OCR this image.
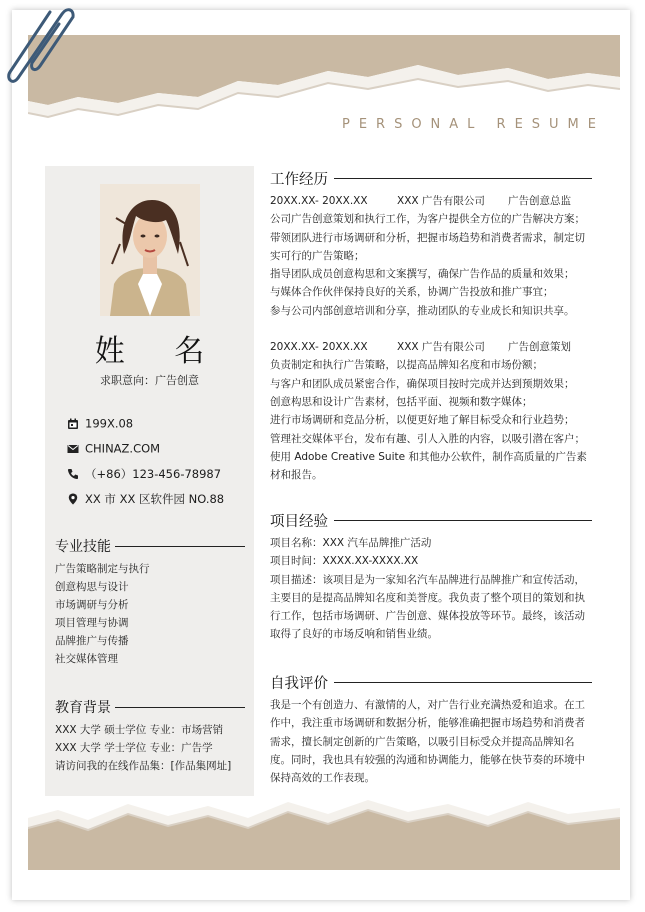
PERSONAL RESUME
姓 名
求职意向：广告创意
199X.08
CHINAZ.COM
（+86）123-456-78987
XX 市 XX 区软件园 NO.88
专业技能
广告策略制定与执行
创意构思与设计
市场调研与分析
项目管理与协调
品牌推广与传播
社交媒体管理
教育背景
XXX 大学 硕士学位 专业：市场营销
XXX 大学 学士学位 专业：广告学
请访问我的在线作品集：[作品集网址]
工作经历
20XX.XX- 20XX.XX	XXX 广告有限公司	广告创意总监

公司广告创意策划和执行工作，为客户提供全方位的广告解决方案；

带领团队进行市场调研和分析，把握市场趋势和消费者需求，制定切实可行的广告策略；

指导团队成员创意构思和文案撰写，确保广告作品的质量和效果；

与媒体合作伙伴保持良好的关系，协调广告投放和推广事宜；

参与公司内部创意培训和分享，推动团队的专业成长和知识共享。

20XX.XX- 20XX.XX	XXX 广告有限公司	广告创意策划

负责制定和执行广告策略，以提高品牌知名度和市场份额；

与客户和团队成员紧密合作，确保项目按时完成并达到预期效果；

创意构思和设计广告素材，包括平面、视频和数字媒体；

进行市场调研和竞品分析，以便更好地了解目标受众和行业趋势；

管理社交媒体平台，发布有趣、引人入胜的内容，以吸引潜在客户；

使用 Adobe Creative Suite 和其他办公软件，制作高质量的广告素材和报告。

项目经验

项目名称：XXX 汽车品牌推广活动

项目时间：XXXX.XX-XXXX.XX

项目描述：该项目是为一家知名汽车品牌进行品牌推广和宣传活动，主要目的是提高品牌知名度和美誉度。我负责了整个项目的策划和执行工作，包括市场调研、广告创意、媒体投放等环节。最终，该活动取得了良好的市场反响和销售业绩。

自我评价

我是一个有创造力、有激情的人，对广告行业充满热爱和追求。在工作中，我注重市场调研和数据分析，能够准确把握市场趋势和消费者需求，擅长制定创新的广告策略，以吸引目标受众并提高品牌知名度。同时，我也具有较强的沟通和协调能力，能够在快节奏的环境中保持高效的工作表现。
